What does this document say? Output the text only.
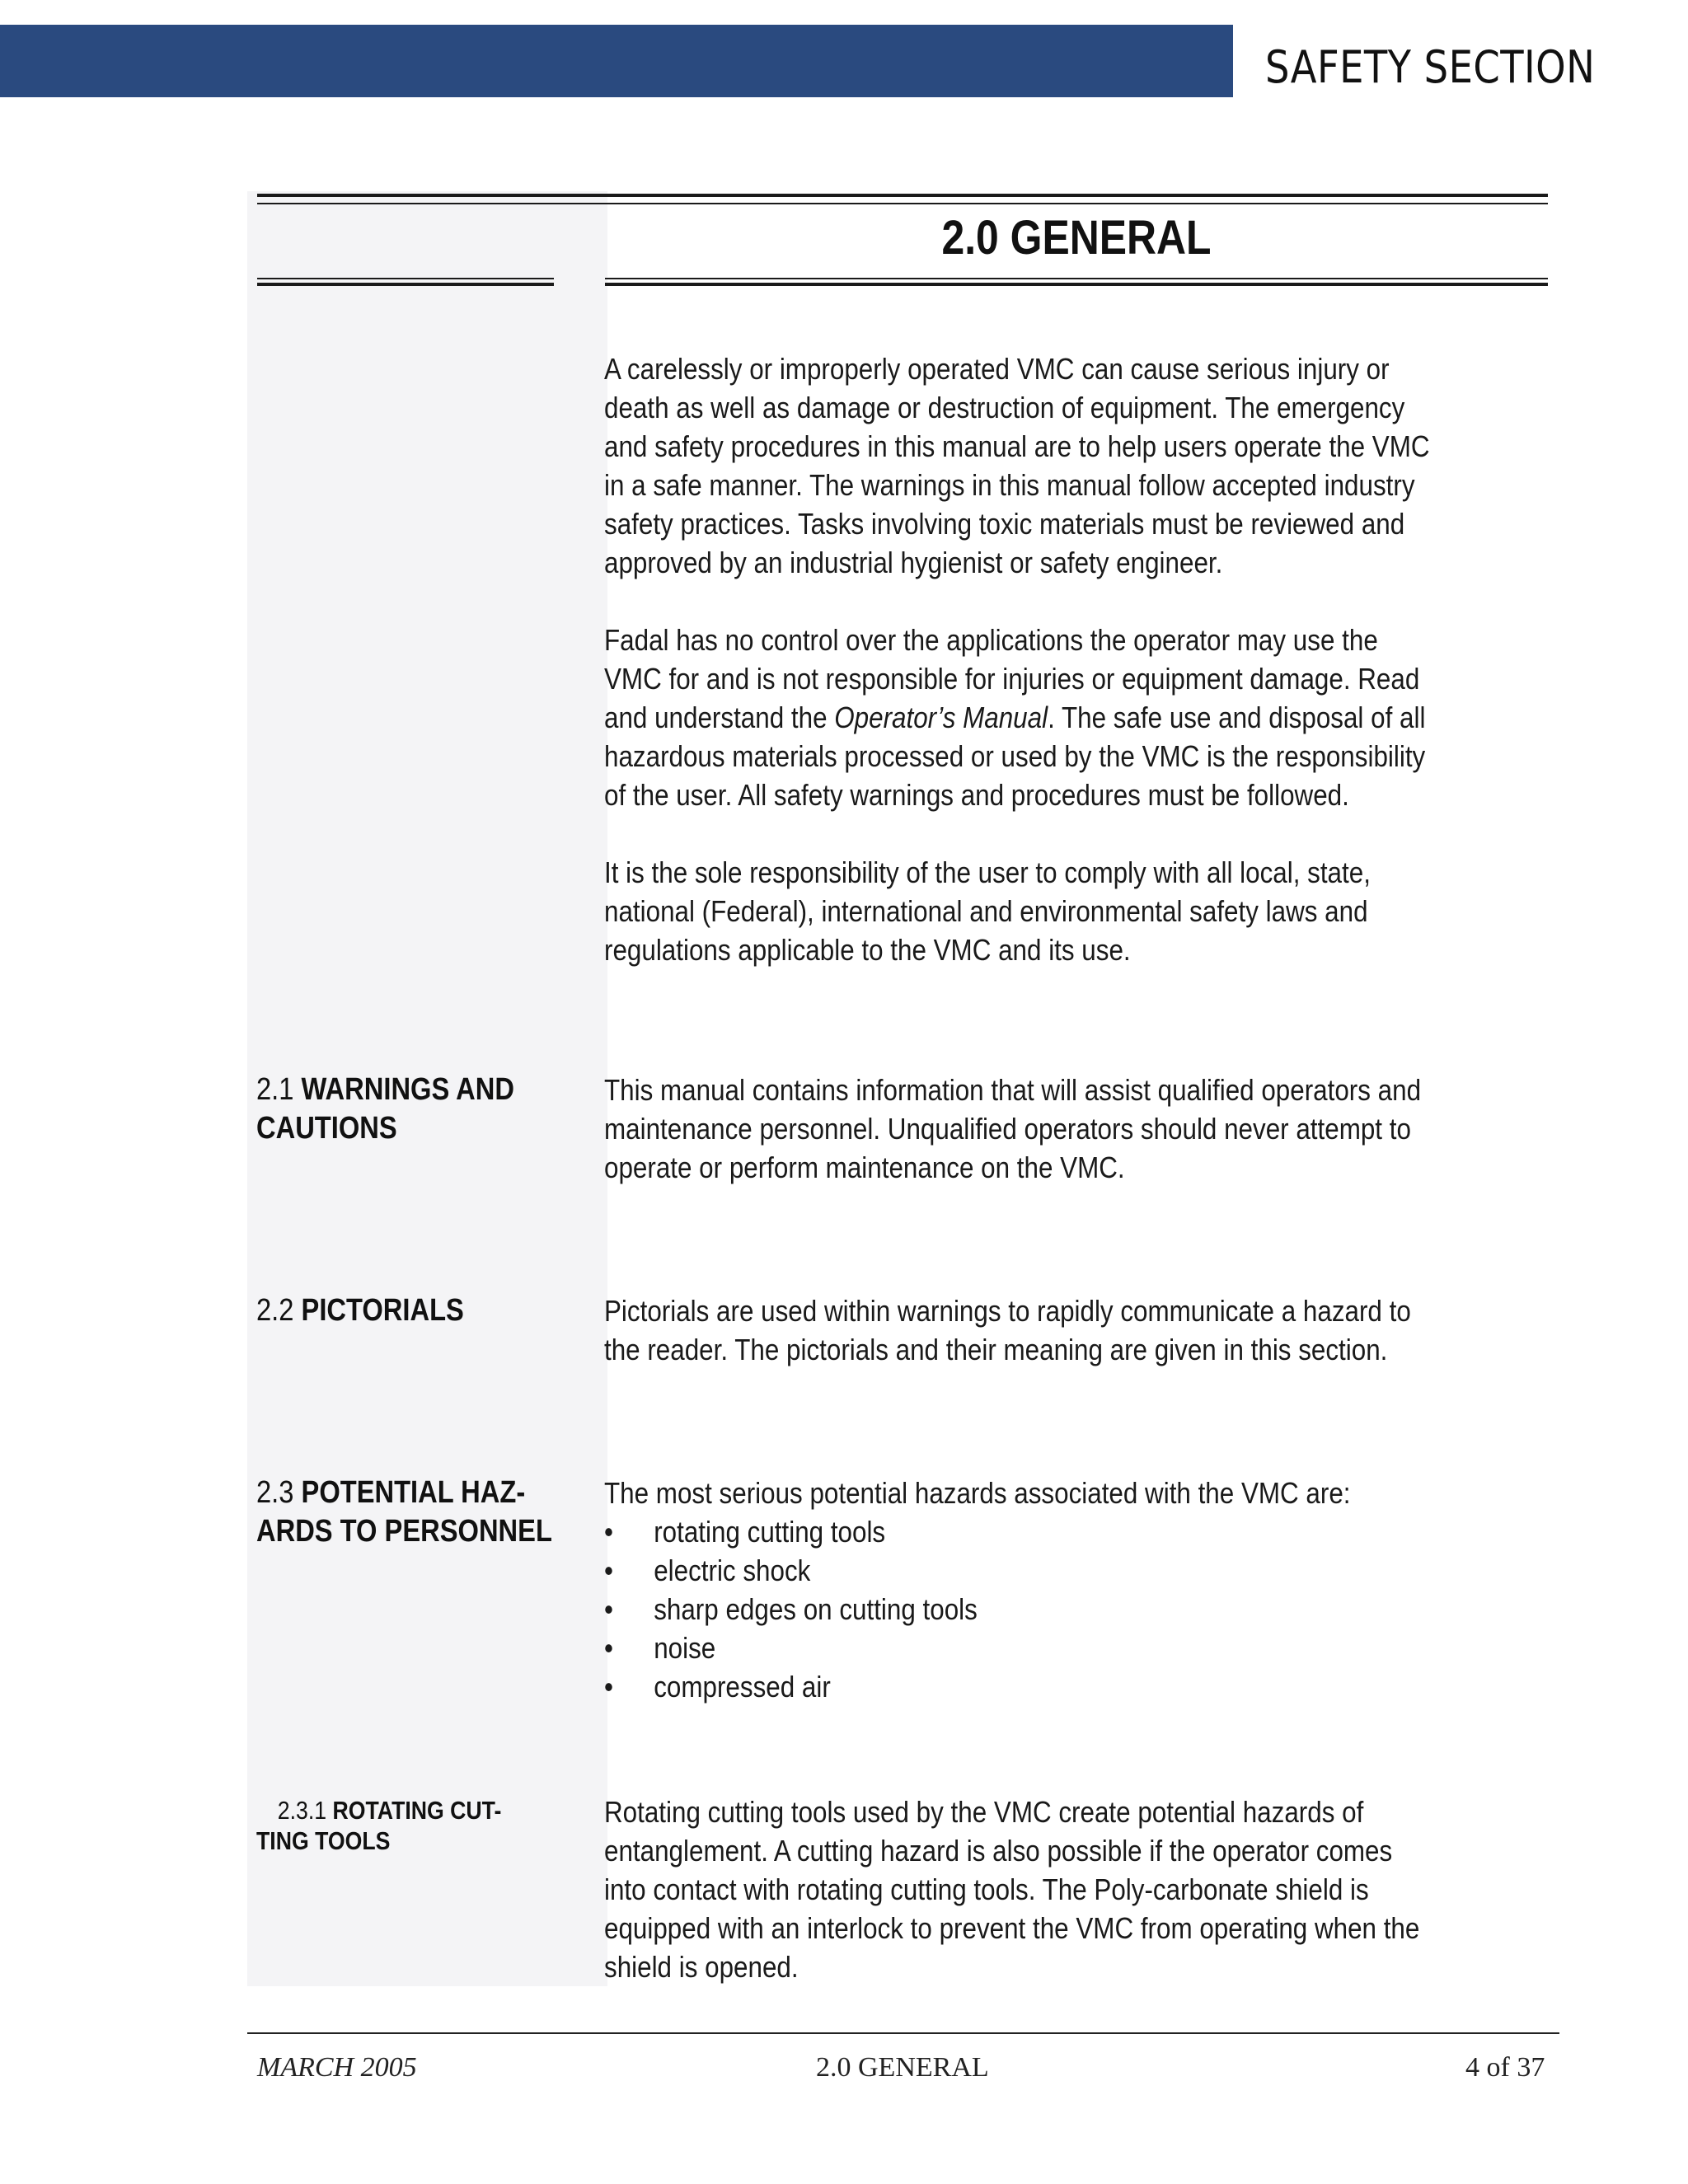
SAFETY SECTION
2.0 GENERAL

A carelessly or improperly operated VMC can cause serious injury or death as well as damage or destruction of equipment. The emergency and safety procedures in this manual are to help users operate the VMC in a safe manner. The warnings in this manual follow accepted industry safety practices. Tasks involving toxic materials must be reviewed and approved by an industrial hygienist or safety engineer.

Fadal has no control over the applications the operator may use the VMC for and is not responsible for injuries or equipment damage. Read and understand the Operator’s Manual. The safe use and disposal of all hazardous materials processed or used by the VMC is the responsibility of the user. All safety warnings and procedures must be followed.

It is the sole responsibility of the user to comply with all local, state, national (Federal), international and environmental safety laws and regulations applicable to the VMC and its use.

2.1 WARNINGS AND CAUTIONS
This manual contains information that will assist qualified operators and maintenance personnel. Unqualified operators should never attempt to operate or perform maintenance on the VMC.
2.2 PICTORIALS	Pictorials are used within warnings to rapidly communicate a hazard to the reader. The pictorials and their meaning are given in this section.
2.3 POTENTIAL HAZ-
ARDS TO PERSONNEL

The most serious potential hazards associated with the VMC are:

• rotating cutting tools
• electric shock
• sharp edges on cutting tools
• noise
• compressed air
2.3.1 ROTATING CUT-
TING TOOLS
Rotating cutting tools used by the VMC create potential hazards of entanglement. A cutting hazard is also possible if the operator comes into contact with rotating cutting tools. The Poly-carbonate shield is equipped with an interlock to prevent the VMC from operating when the shield is opened.
MARCH 2005	2.0 GENERAL	4 of 37
